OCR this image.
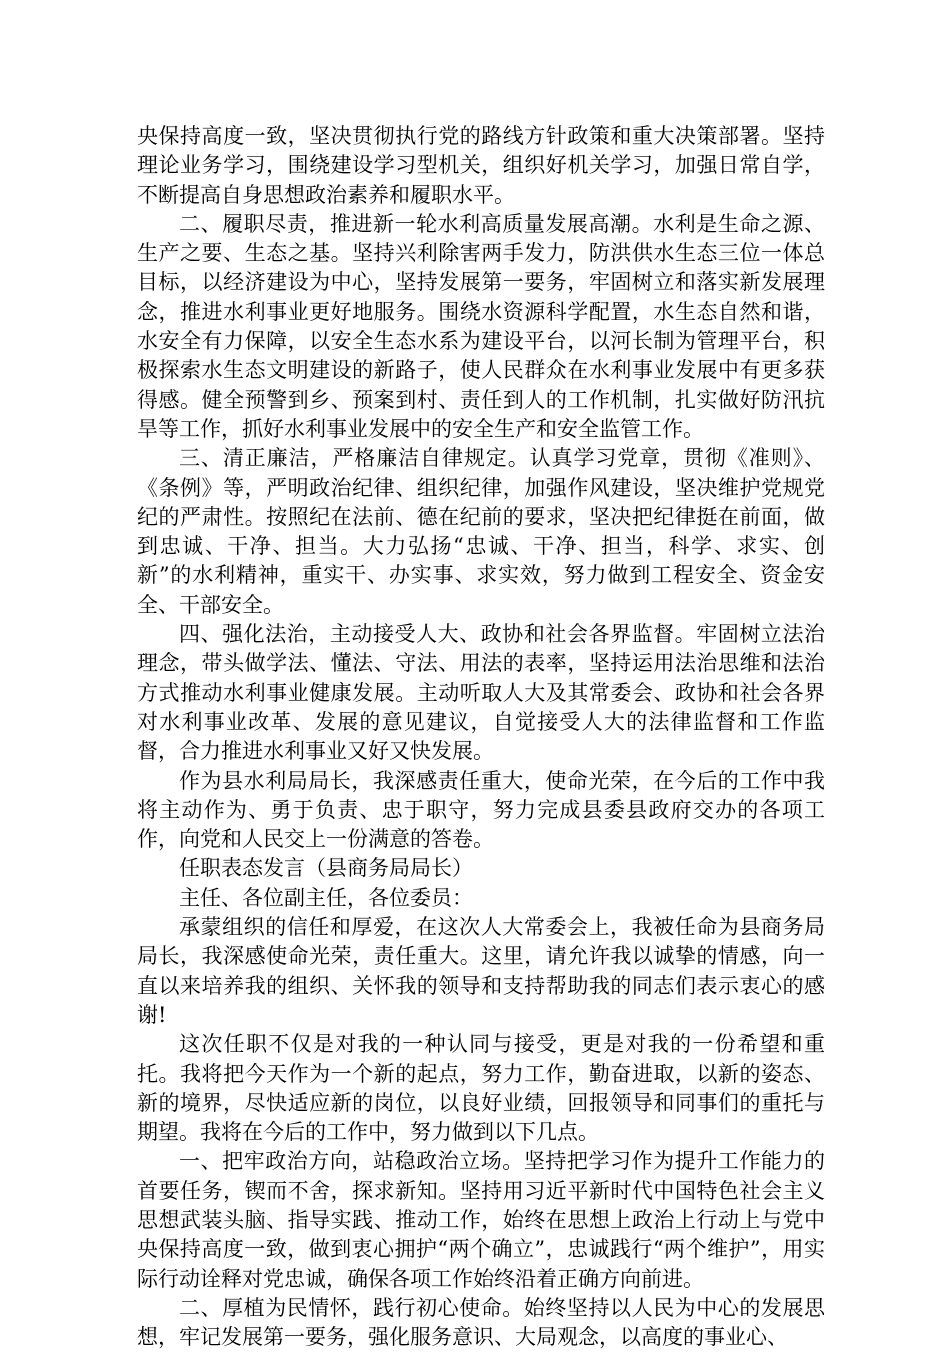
央保持高度一致，坚决贯彻执行党的路线方针政策和重大决策部署。坚持理论业务学习，围绕建设学习型机关，组织好机关学习，加强日常自学，不断提高自身思想政治素养和履职水平。

二、履职尽责，推进新一轮水利高质量发展高潮。水利是生命之源、生产之要、生态之基。坚持兴利除害两手发力，防洪供水生态三位一体总目标，以经济建设为中心，坚持发展第一要务，牢固树立和落实新发展理念，推进水利事业更好地服务。围绕水资源科学配置，水生态自然和谐，水安全有力保障，以安全生态水系为建设平台，以河长制为管理平台，积极探索水生态文明建设的新路子，使人民群众在水利事业发展中有更多获得感。健全预警到乡、预案到村、责任到人的工作机制，扎实做好防汛抗旱等工作，抓好水利事业发展中的安全生产和安全监管工作。

三、清正廉洁，严格廉洁自律规定。认真学习党章，贯彻《准则》、《条例》等，严明政治纪律、组织纪律，加强作风建设，坚决维护党规党纪的严肃性。按照纪在法前、德在纪前的要求，坚决把纪律挺在前面，做到忠诚、干净、担当。大力弘扬“忠诚、干净、担当，科学、求实、创新”的水利精神，重实干、办实事、求实效，努力做到工程安全、资金安全、干部安全。

四、强化法治，主动接受人大、政协和社会各界监督。牢固树立法治理念，带头做学法、懂法、守法、用法的表率，坚持运用法治思维和法治方式推动水利事业健康发展。主动听取人大及其常委会、政协和社会各界对水利事业改革、发展的意见建议，自觉接受人大的法律监督和工作监督，合力推进水利事业又好又快发展。

作为县水利局局长，我深感责任重大，使命光荣，在今后的工作中我将主动作为、勇于负责、忠于职守，努力完成县委县政府交办的各项工作，向党和人民交上一份满意的答卷。

任职表态发言（县商务局局长）

主任、各位副主任，各位委员：

承蒙组织的信任和厚爱，在这次人大常委会上，我被任命为县商务局局长，我深感使命光荣，责任重大。这里，请允许我以诚挚的情感，向一直以来培养我的组织、关怀我的领导和支持帮助我的同志们表示衷心的感谢!

这次任职不仅是对我的一种认同与接受，更是对我的一份希望和重托。我将把今天作为一个新的起点，努力工作，勤奋进取，以新的姿态、新的境界，尽快适应新的岗位，以良好业绩，回报领导和同事们的重托与期望。我将在今后的工作中，努力做到以下几点。

一、把牢政治方向，站稳政治立场。坚持把学习作为提升工作能力的首要任务，锲而不舍，探求新知。坚持用习近平新时代中国特色社会主义思想武装头脑、指导实践、推动工作，始终在思想上政治上行动上与党中央保持高度一致，做到衷心拥护“两个确立”，忠诚践行“两个维护”，用实际行动诠释对党忠诚，确保各项工作始终沿着正确方向前进。

二、厚植为民情怀，践行初心使命。始终坚持以人民为中心的发展思想，牢记发展第一要务，强化服务意识、大局观念，以高度的事业心、
